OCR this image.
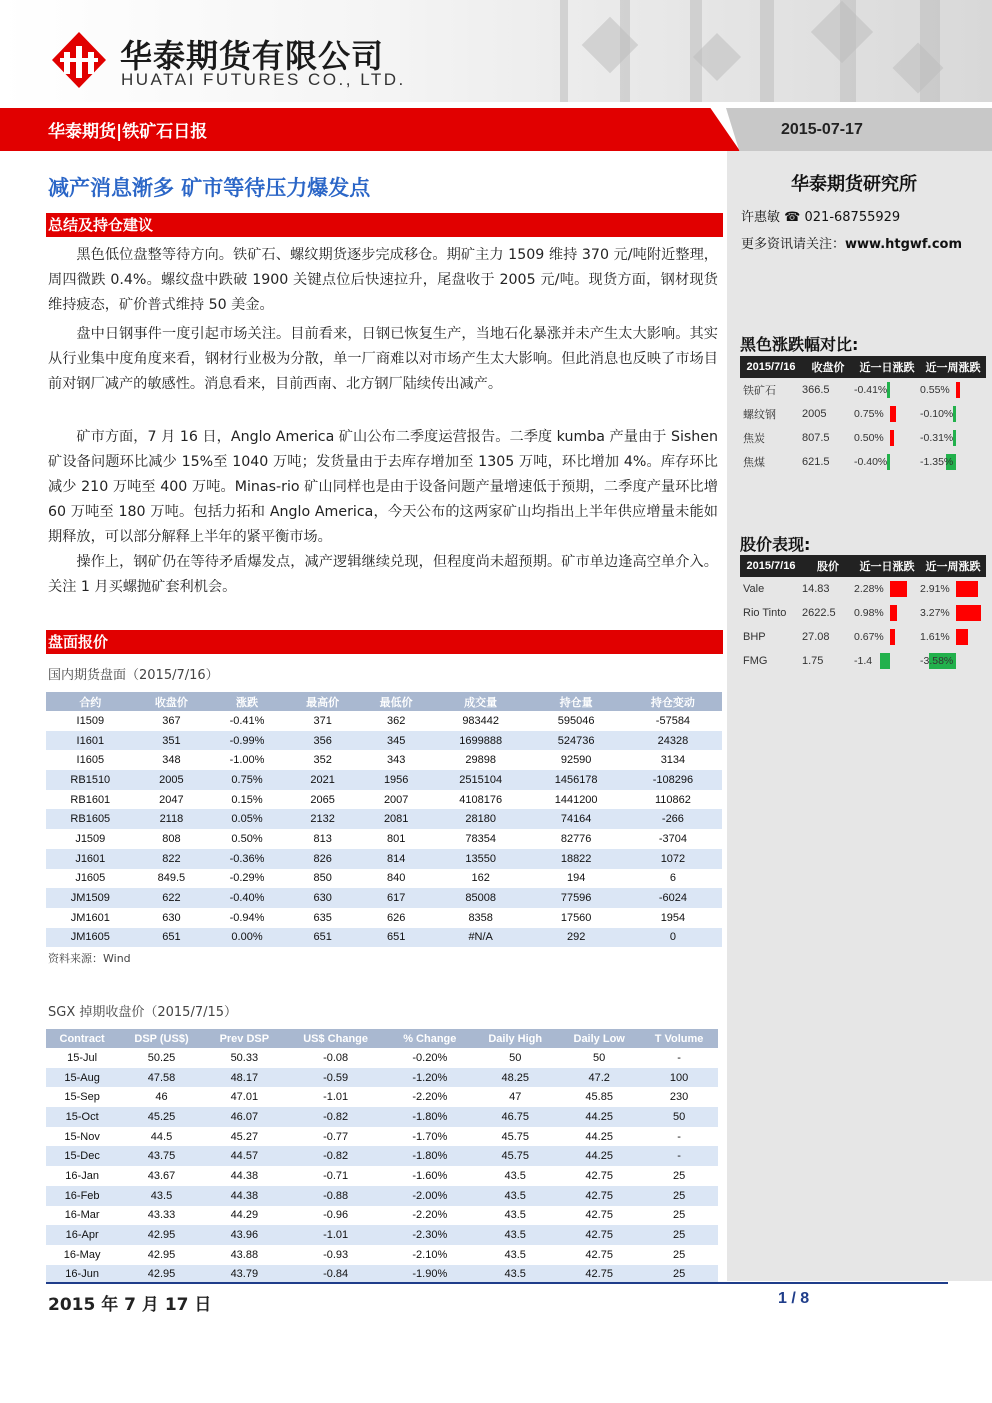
华泰期货有限公司
HUATAI FUTURES CO., LTD.
华泰期货|铁矿石日报	2015-07-17
减产消息渐多 矿市等待压力爆发点
总结及持仓建议
黑色低位盘整等待方向。铁矿石、螺纹期货逐步完成移仓。期矿主力 1509 维持 370 元/吨附近整理，周四微跌 0.4%。螺纹盘中跌破 1900 关键点位后快速拉升，尾盘收于 2005 元/吨。现货方面，钢材现货维持疲态，矿价普式维持 50 美金。
盘中日钢事件一度引起市场关注。目前看来，日钢已恢复生产，当地石化暴涨并未产生太大影响。其实从行业集中度角度来看，钢材行业极为分散，单一厂商难以对市场产生太大影响。但此消息也反映了市场目前对钢厂减产的敏感性。消息看来，目前西南、北方钢厂陆续传出减产。
矿市方面，7 月 16 日，Anglo America 矿山公布二季度运营报告。二季度 kumba 产量由于 Sishen 矿设备问题环比减少 15%至 1040 万吨；发货量由于去库存增加至 1305 万吨，环比增加 4%。库存环比减少 210 万吨至 400 万吨。Minas-rio 矿山同样也是由于设备问题产量增速低于预期，二季度产量环比增 60 万吨至 180 万吨。包括力拓和 Anglo America，今天公布的这两家矿山均指出上半年供应增量未能如期释放，可以部分解释上半年的紧平衡市场。
操作上，钢矿仍在等待矛盾爆发点，减产逻辑继续兑现，但程度尚未超预期。矿市单边逢高空单介入。关注 1 月买螺抛矿套利机会。
盘面报价
华泰期货研究所
许惠敏 ☎ 021-68755929
更多资讯请关注：www.htgwf.com
黑色涨跌幅对比:
2015/7/16	收盘价	近一日涨跌	近一周涨跌
铁矿石	366.5	-0.41%	0.55%
螺纹钢	2005	0.75%	-0.10%
焦炭	807.5	0.50%	-0.31%
焦煤	621.5	-0.40%	-1.35%
股价表现:
2015/7/16	股价	近一日涨跌	近一周涨跌
Vale	14.83	2.28%	2.91%
Rio Tinto	2622.5	0.98%	3.27%
BHP	27.08	0.67%	1.61%
FMG	1.75	-1.4	-3.58%
国内期货盘面（2015/7/16）
合约	收盘价	涨跌	最高价	最低价	成交量	持仓量	持仓变动
I1509	367	-0.41%	371	362	983442	595046	-57584
I1601	351	-0.99%	356	345	1699888	524736	24328
I1605	348	-1.00%	352	343	29898	92590	3134
RB1510	2005	0.75%	2021	1956	2515104	1456178	-108296
RB1601	2047	0.15%	2065	2007	4108176	1441200	110862
RB1605	2118	0.05%	2132	2081	28180	74164	-266
J1509	808	0.50%	813	801	78354	82776	-3704
J1601	822	-0.36%	826	814	13550	18822	1072
J1605	849.5	-0.29%	850	840	162	194	6
JM1509	622	-0.40%	630	617	85008	77596	-6024
JM1601	630	-0.94%	635	626	8358	17560	1954
JM1605	651	0.00%	651	651	#N/A	292	0
资料来源：Wind
SGX 掉期收盘价（2015/7/15）
Contract	DSP (US$)	Prev DSP	US$ Change	% Change	Daily High	Daily Low	T Volume
15-Jul	50.25	50.33	-0.08	-0.20%	50	50	-
15-Aug	47.58	48.17	-0.59	-1.20%	48.25	47.2	100
15-Sep	46	47.01	-1.01	-2.20%	47	45.85	230
15-Oct	45.25	46.07	-0.82	-1.80%	46.75	44.25	50
15-Nov	44.5	45.27	-0.77	-1.70%	45.75	44.25	-
15-Dec	43.75	44.57	-0.82	-1.80%	45.75	44.25	-
16-Jan	43.67	44.38	-0.71	-1.60%	43.5	42.75	25
16-Feb	43.5	44.38	-0.88	-2.00%	43.5	42.75	25
16-Mar	43.33	44.29	-0.96	-2.20%	43.5	42.75	25
16-Apr	42.95	43.96	-1.01	-2.30%	43.5	42.75	25
16-May	42.95	43.88	-0.93	-2.10%	43.5	42.75	25
16-Jun	42.95	43.79	-0.84	-1.90%	43.5	42.75	25
2015 年 7 月 17 日	1 / 8
